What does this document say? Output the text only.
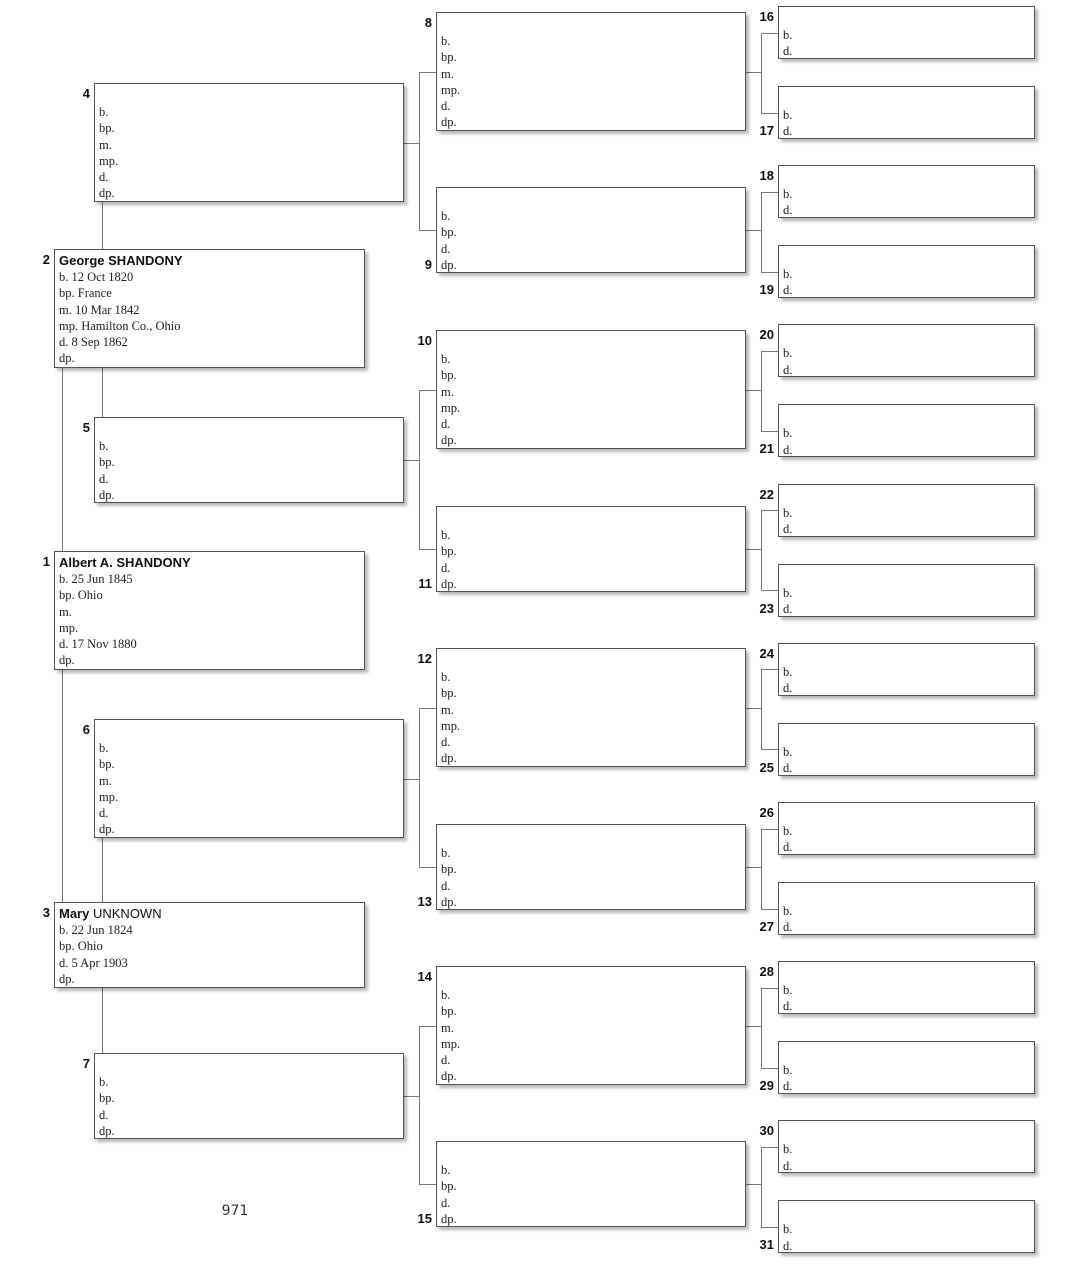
Albert A. SHANDONY
b. 25 Jun 1845
bp. Ohio
m.
mp.
d. 17 Nov 1880
dp.
1
George SHANDONY
b. 12 Oct 1820
bp. France
m. 10 Mar 1842
mp. Hamilton Co., Ohio
d. 8 Sep 1862
dp.
2
Mary UNKNOWN
b. 22 Jun 1824
bp. Ohio
d. 5 Apr 1903
dp.
3
b.
bp.
m.
mp.
d.
dp.
4
b.
bp.
d.
dp.
5
b.
bp.
m.
mp.
d.
dp.
6
b.
bp.
d.
dp.
7
b.
bp.
m.
mp.
d.
dp.
8
b.
bp.
d.
dp.
9
b.
bp.
m.
mp.
d.
dp.
10
b.
bp.
d.
dp.
11
b.
bp.
m.
mp.
d.
dp.
12
b.
bp.
d.
dp.
13
b.
bp.
m.
mp.
d.
dp.
14
b.
bp.
d.
dp.
15
b.
d.
16
b.
d.
17
b.
d.
18
b.
d.
19
b.
d.
20
b.
d.
21
b.
d.
22
b.
d.
23
b.
d.
24
b.
d.
25
b.
d.
26
b.
d.
27
b.
d.
28
b.
d.
29
b.
d.
30
b.
d.
31
971
